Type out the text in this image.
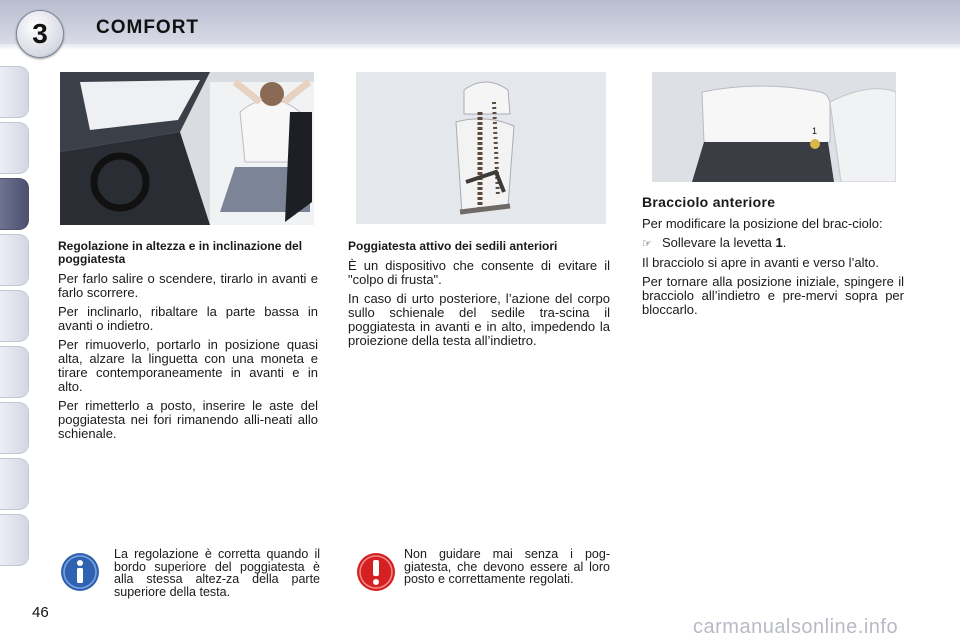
3	COMFORT
1
Regolazione in altezza e in inclinazione del poggiatesta

Per farlo salire o scendere, tirarlo in avanti e farlo scorrere.

Per inclinarlo, ribaltare la parte bassa in avanti o indietro.

Per rimuoverlo, portarlo in posizione quasi alta, alzare la linguetta con una moneta e tirare contemporaneamente in avanti e in alto.

Per rimetterlo a posto, inserire le aste del poggiatesta nei fori rimanendo alli-neati allo schienale.

Poggiatesta attivo dei sedili anteriori

È un dispositivo che consente di evitare il "colpo di frusta".

In caso di urto posteriore, l’azione del corpo sullo schienale del sedile tra-scina il poggiatesta in avanti e in alto, impedendo la proiezione della testa all’indietro.

Bracciolo anteriore

Per modificare la posizione del brac-ciolo:

☞ Sollevare la levetta 1.

Il bracciolo si apre in avanti e verso l’alto.

Per tornare alla posizione iniziale, spingere il bracciolo all’indietro e pre-mervi sopra per bloccarlo.

La regolazione è corretta quando il bordo superiore del poggiatesta è alla stessa altez-za della parte superiore della testa.
Non guidare mai senza i pog-giatesta, che devono essere al loro posto e correttamente regolati.
46
carmanualsonline.info
